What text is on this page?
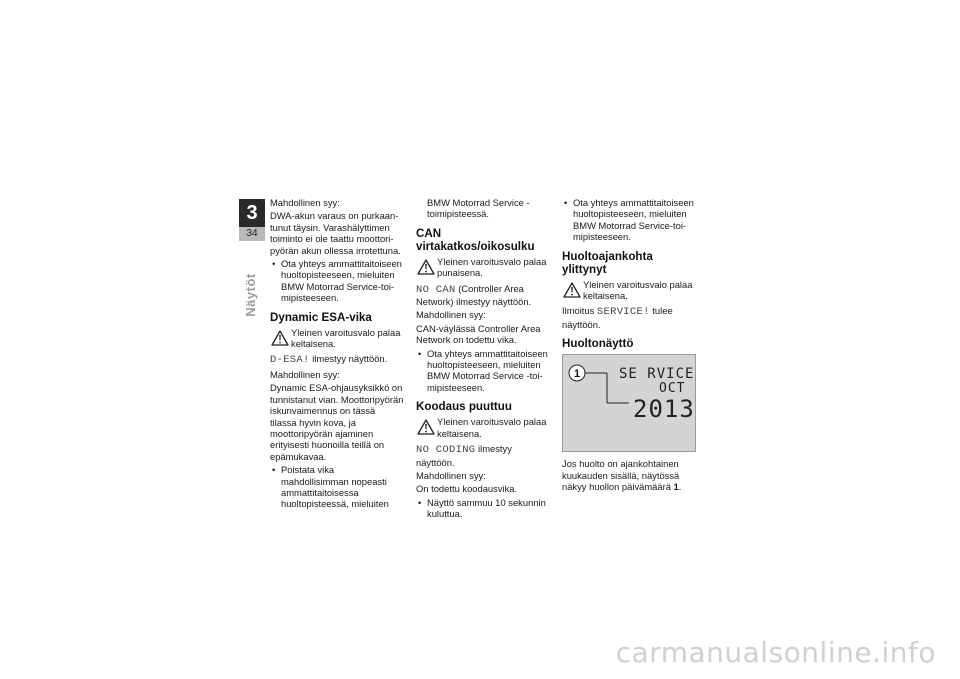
3
34
Näytöt

Mahdollinen syy:

DWA-akun varaus on purkaantunut täysin. Varashälyttimen toiminto ei ole taattu moottoripyörän akun ollessa irrotettuna.

• Ota yhteys ammattitaitoiseen huoltopisteeseen, mieluiten BMW Motorrad Service-toimipisteeseen.
Dynamic ESA-vika
Yleinen varoitusvalo palaa keltaisena.

D-ESA! ilmestyy näyttöön.

Mahdollinen syy:

Dynamic ESA-ohjausyksikkö on tunnistanut vian. Moottoripyörän iskunvaimennus on tässä tilassa hyvin kova, ja moottoripyörän ajaminen erityisesti huonoilla teillä on epämukavaa.

• Poistata vika mahdollisimman nopeasti ammattitaitoisessa huoltopisteessä, mieluiten

BMW Motorrad Service -toimipisteessä.

CAN virtakatkos/oikosulku
Yleinen varoitusvalo palaa punaisena.

NO CAN (Controller Area Network) ilmestyy näyttöön.

Mahdollinen syy:

CAN-väylässä Controller Area Network on todettu vika.

• Ota yhteys ammattitaitoiseen huoltopisteeseen, mieluiten BMW Motorrad Service -toimipisteeseen.
Koodaus puuttuu
Yleinen varoitusvalo palaa keltaisena.

NO CODING ilmestyy näyttöön.

Mahdollinen syy:

On todettu koodausvika.

• Näyttö sammuu 10 sekunnin kuluttua.
• Ota yhteys ammattitaitoiseen huoltopisteeseen, mieluiten BMW Motorrad Service-toimipisteeseen.
Huoltoajankohta ylittynyt
Yleinen varoitusvalo palaa keltaisena.

Ilmoitus SERVICE! tulee näyttöön.

Huoltonäyttö
1	SE RVICE
OCT
2013

Jos huolto on ajankohtainen kuukauden sisällä, näytössä näkyy huollon päivämäärä 1.

carmanualsonline.info
